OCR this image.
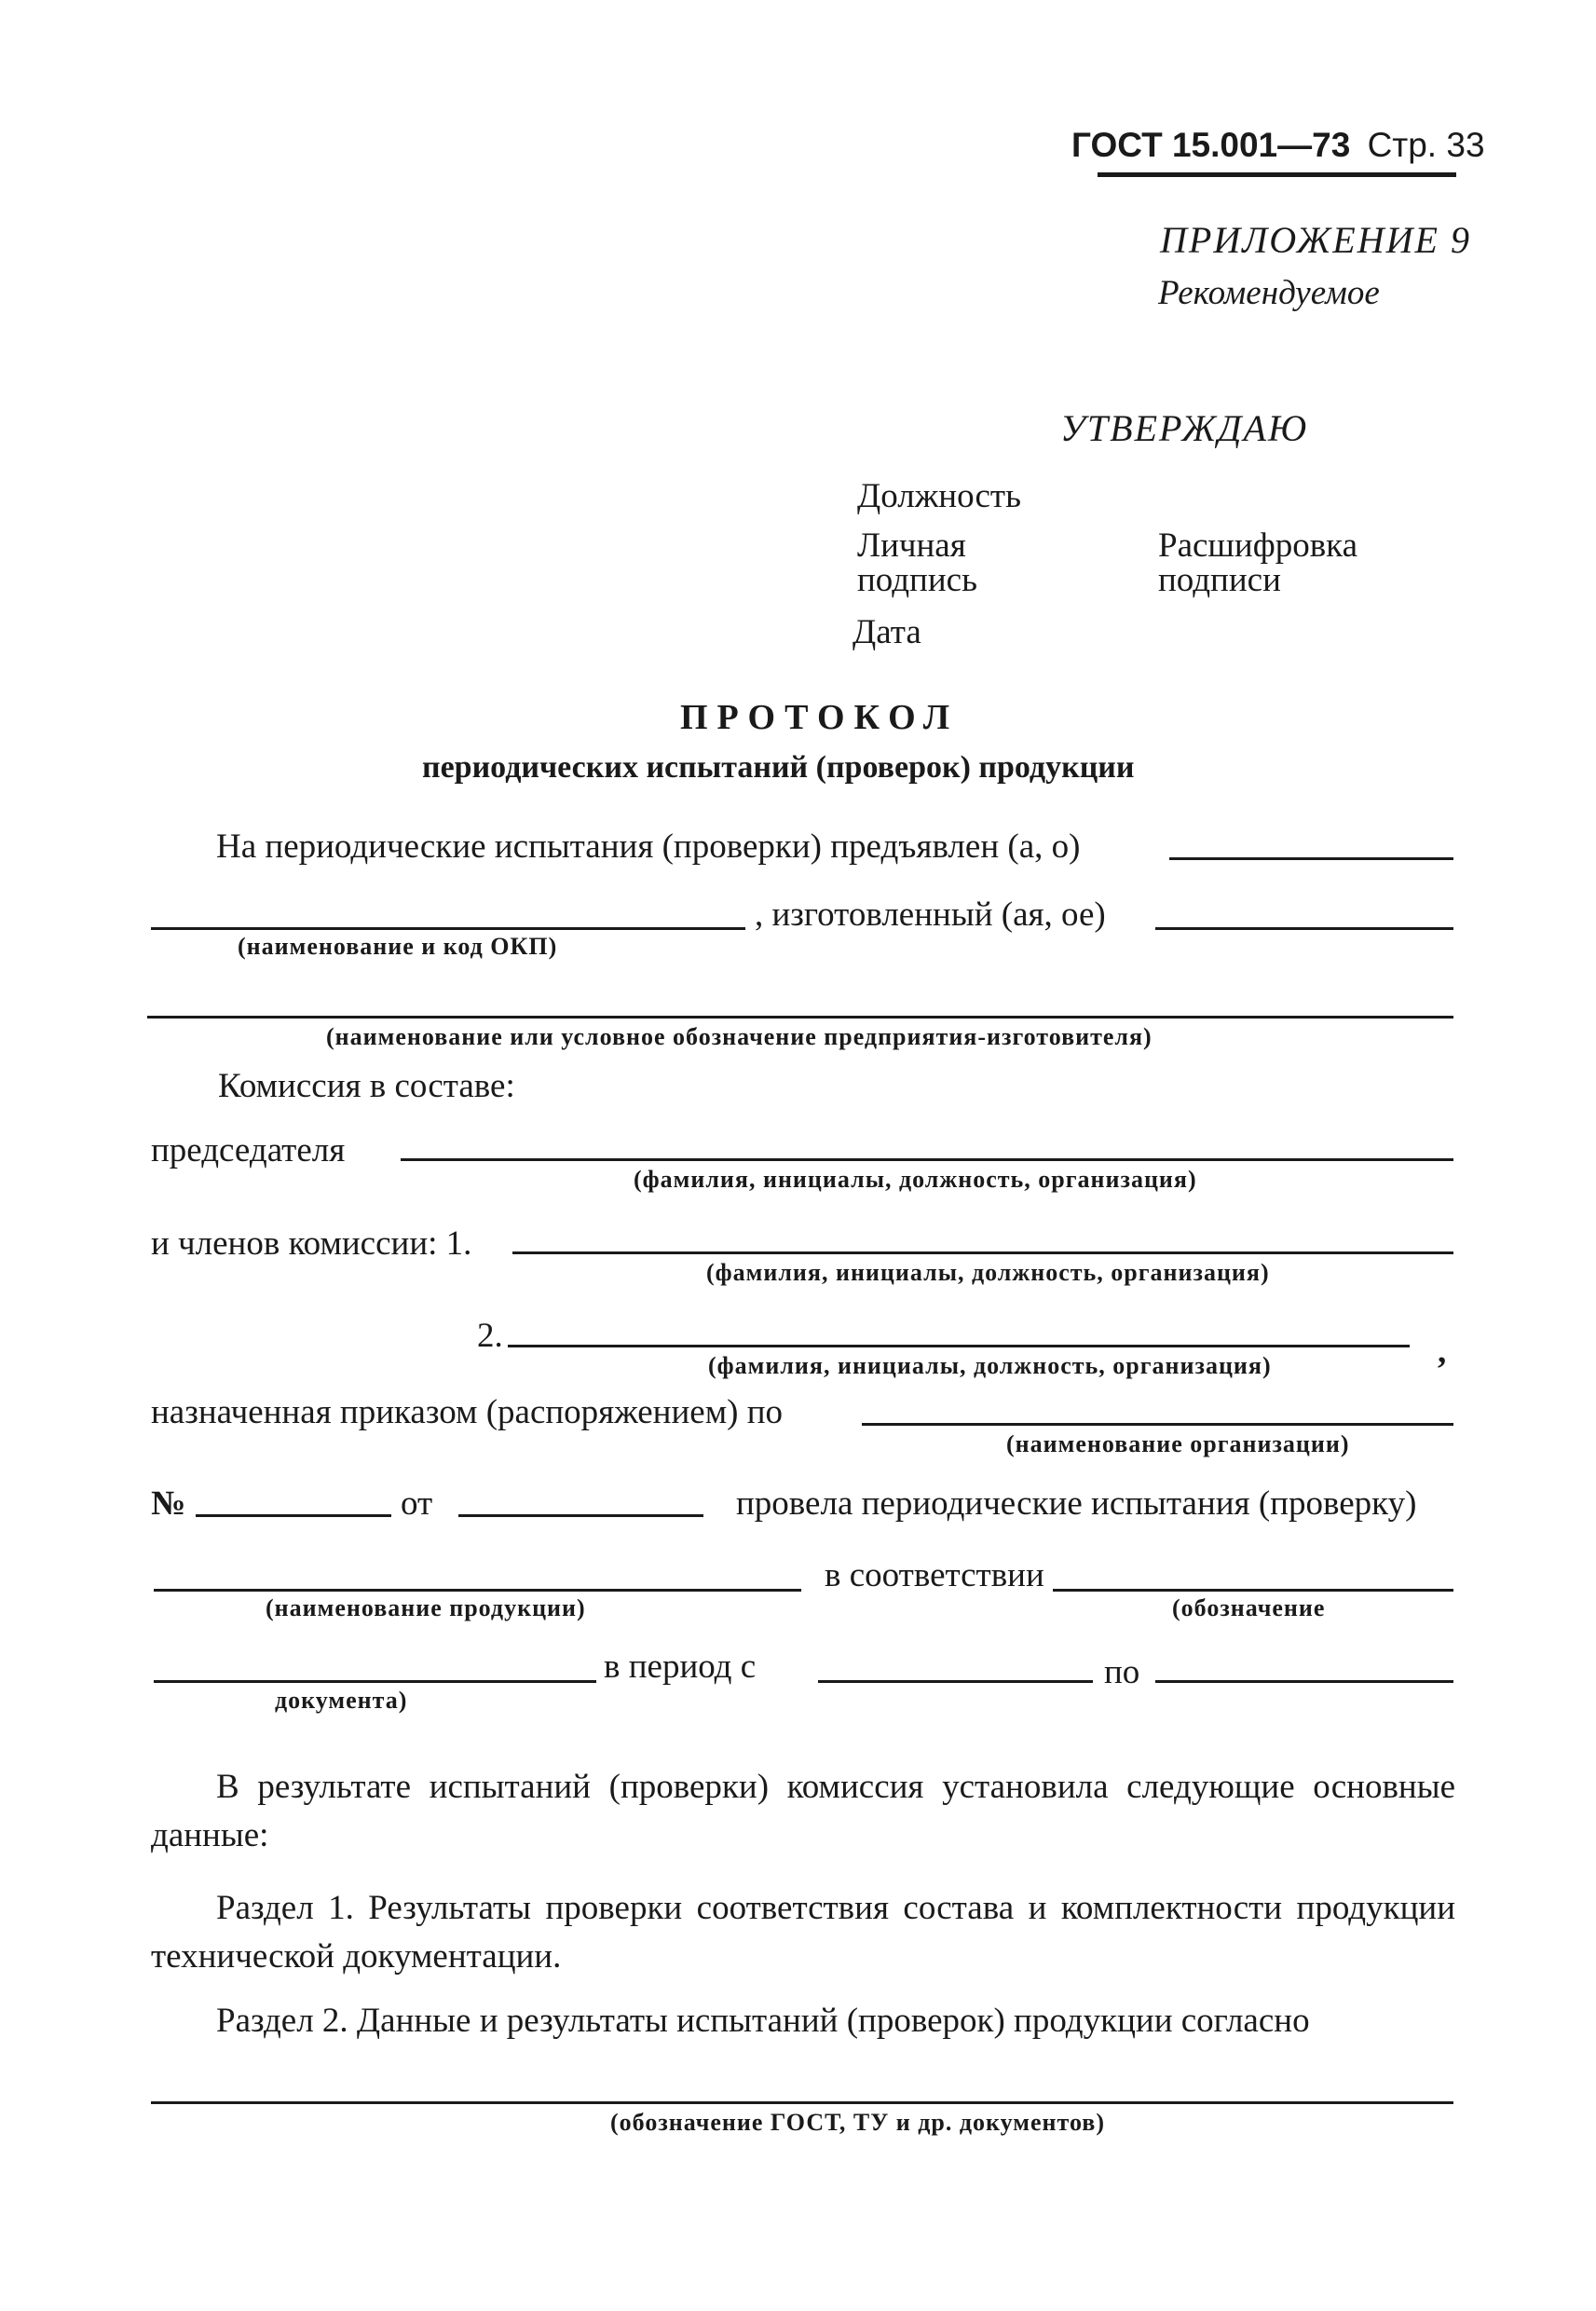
ГОСТ 15.001—73 Стр. 33
ПРИЛОЖЕНИЕ 9
Рекомендуемое
УТВЕРЖДАЮ
Должность
Личная
подпись
Расшифровка
подписи
Дата
ПРОТОКОЛ
периодических испытаний (проверок) продукции
На периодические испытания (проверки) предъявлен (а, о)
, изготовленный (ая, ое)
(наименование и код ОКП)
(наименование или условное обозначение предприятия-изготовителя)
Комиссия в составе:
председателя
(фамилия, инициалы, должность, организация)
и членов комиссии: 1.
(фамилия, инициалы, должность, организация)
2.
(фамилия, инициалы, должность, организация)	,
назначенная приказом (распоряжением) по
(наименование организации)
№	от	провела периодические испытания (проверку)
в соответствии
(наименование продукции)	(обозначение
в период с	по
документа)
В результате испытаний (проверки) комиссия установила следующие основные данные:
Раздел 1. Результаты проверки соответствия состава и комплектности продукции технической документации.
Раздел 2. Данные и результаты испытаний (проверок) продукции согласно
(обозначение ГОСТ, ТУ и др. документов)
